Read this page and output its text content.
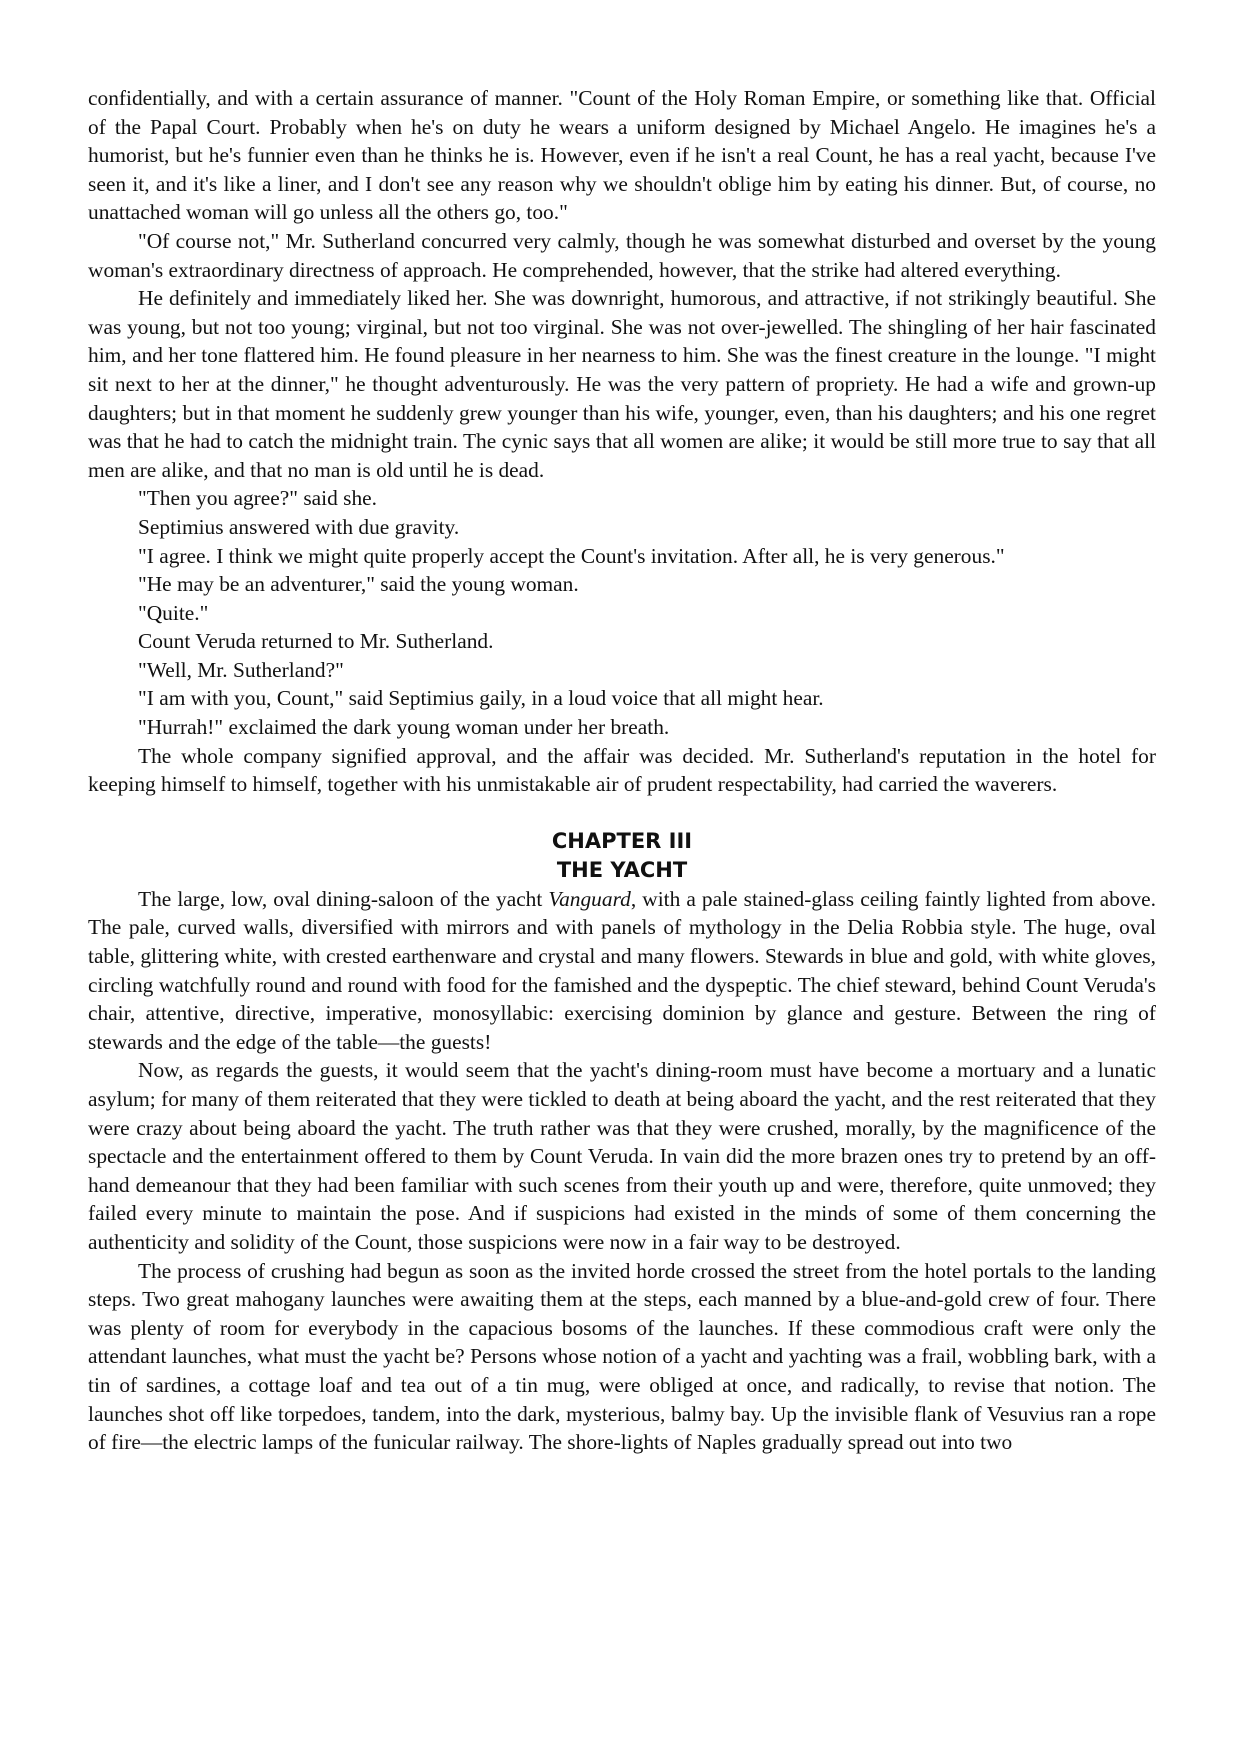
confidentially, and with a certain assurance of manner. "Count of the Holy Roman Empire, or something like that. Official of the Papal Court. Probably when he's on duty he wears a uniform designed by Michael Angelo. He imagines he's a humorist, but he's funnier even than he thinks he is. However, even if he isn't a real Count, he has a real yacht, because I've seen it, and it's like a liner, and I don't see any reason why we shouldn't oblige him by eating his dinner. But, of course, no unattached woman will go unless all the others go, too."

"Of course not," Mr. Sutherland concurred very calmly, though he was somewhat disturbed and overset by the young woman's extraordinary directness of approach. He comprehended, however, that the strike had altered everything.

He definitely and immediately liked her. She was downright, humorous, and attractive, if not strikingly beautiful. She was young, but not too young; virginal, but not too virginal. She was not over-jewelled. The shingling of her hair fascinated him, and her tone flattered him. He found pleasure in her nearness to him. She was the finest creature in the lounge. "I might sit next to her at the dinner," he thought adventurously. He was the very pattern of propriety. He had a wife and grown-up daughters; but in that moment he suddenly grew younger than his wife, younger, even, than his daughters; and his one regret was that he had to catch the midnight train. The cynic says that all women are alike; it would be still more true to say that all men are alike, and that no man is old until he is dead.

"Then you agree?" said she.

Septimius answered with due gravity.

"I agree. I think we might quite properly accept the Count's invitation. After all, he is very generous."

"He may be an adventurer," said the young woman.

"Quite."

Count Veruda returned to Mr. Sutherland.

"Well, Mr. Sutherland?"

"I am with you, Count," said Septimius gaily, in a loud voice that all might hear.

"Hurrah!" exclaimed the dark young woman under her breath.

The whole company signified approval, and the affair was decided. Mr. Sutherland's reputation in the hotel for keeping himself to himself, together with his unmistakable air of prudent respectability, had carried the waverers.

CHAPTER III
THE YACHT

The large, low, oval dining-saloon of the yacht Vanguard, with a pale stained-glass ceiling faintly lighted from above. The pale, curved walls, diversified with mirrors and with panels of mythology in the Delia Robbia style. The huge, oval table, glittering white, with crested earthenware and crystal and many flowers. Stewards in blue and gold, with white gloves, circling watchfully round and round with food for the famished and the dyspeptic. The chief steward, behind Count Veruda's chair, attentive, directive, imperative, monosyllabic: exercising dominion by glance and gesture. Between the ring of stewards and the edge of the table—the guests!

Now, as regards the guests, it would seem that the yacht's dining-room must have become a mortuary and a lunatic asylum; for many of them reiterated that they were tickled to death at being aboard the yacht, and the rest reiterated that they were crazy about being aboard the yacht. The truth rather was that they were crushed, morally, by the magnificence of the spectacle and the entertainment offered to them by Count Veruda. In vain did the more brazen ones try to pretend by an off-hand demeanour that they had been familiar with such scenes from their youth up and were, therefore, quite unmoved; they failed every minute to maintain the pose. And if suspicions had existed in the minds of some of them concerning the authenticity and solidity of the Count, those suspicions were now in a fair way to be destroyed.

The process of crushing had begun as soon as the invited horde crossed the street from the hotel portals to the landing steps. Two great mahogany launches were awaiting them at the steps, each manned by a blue-and-gold crew of four. There was plenty of room for everybody in the capacious bosoms of the launches. If these commodious craft were only the attendant launches, what must the yacht be? Persons whose notion of a yacht and yachting was a frail, wobbling bark, with a tin of sardines, a cottage loaf and tea out of a tin mug, were obliged at once, and radically, to revise that notion. The launches shot off like torpedoes, tandem, into the dark, mysterious, balmy bay. Up the invisible flank of Vesuvius ran a rope of fire—the electric lamps of the funicular railway. The shore-lights of Naples gradually spread out into two
